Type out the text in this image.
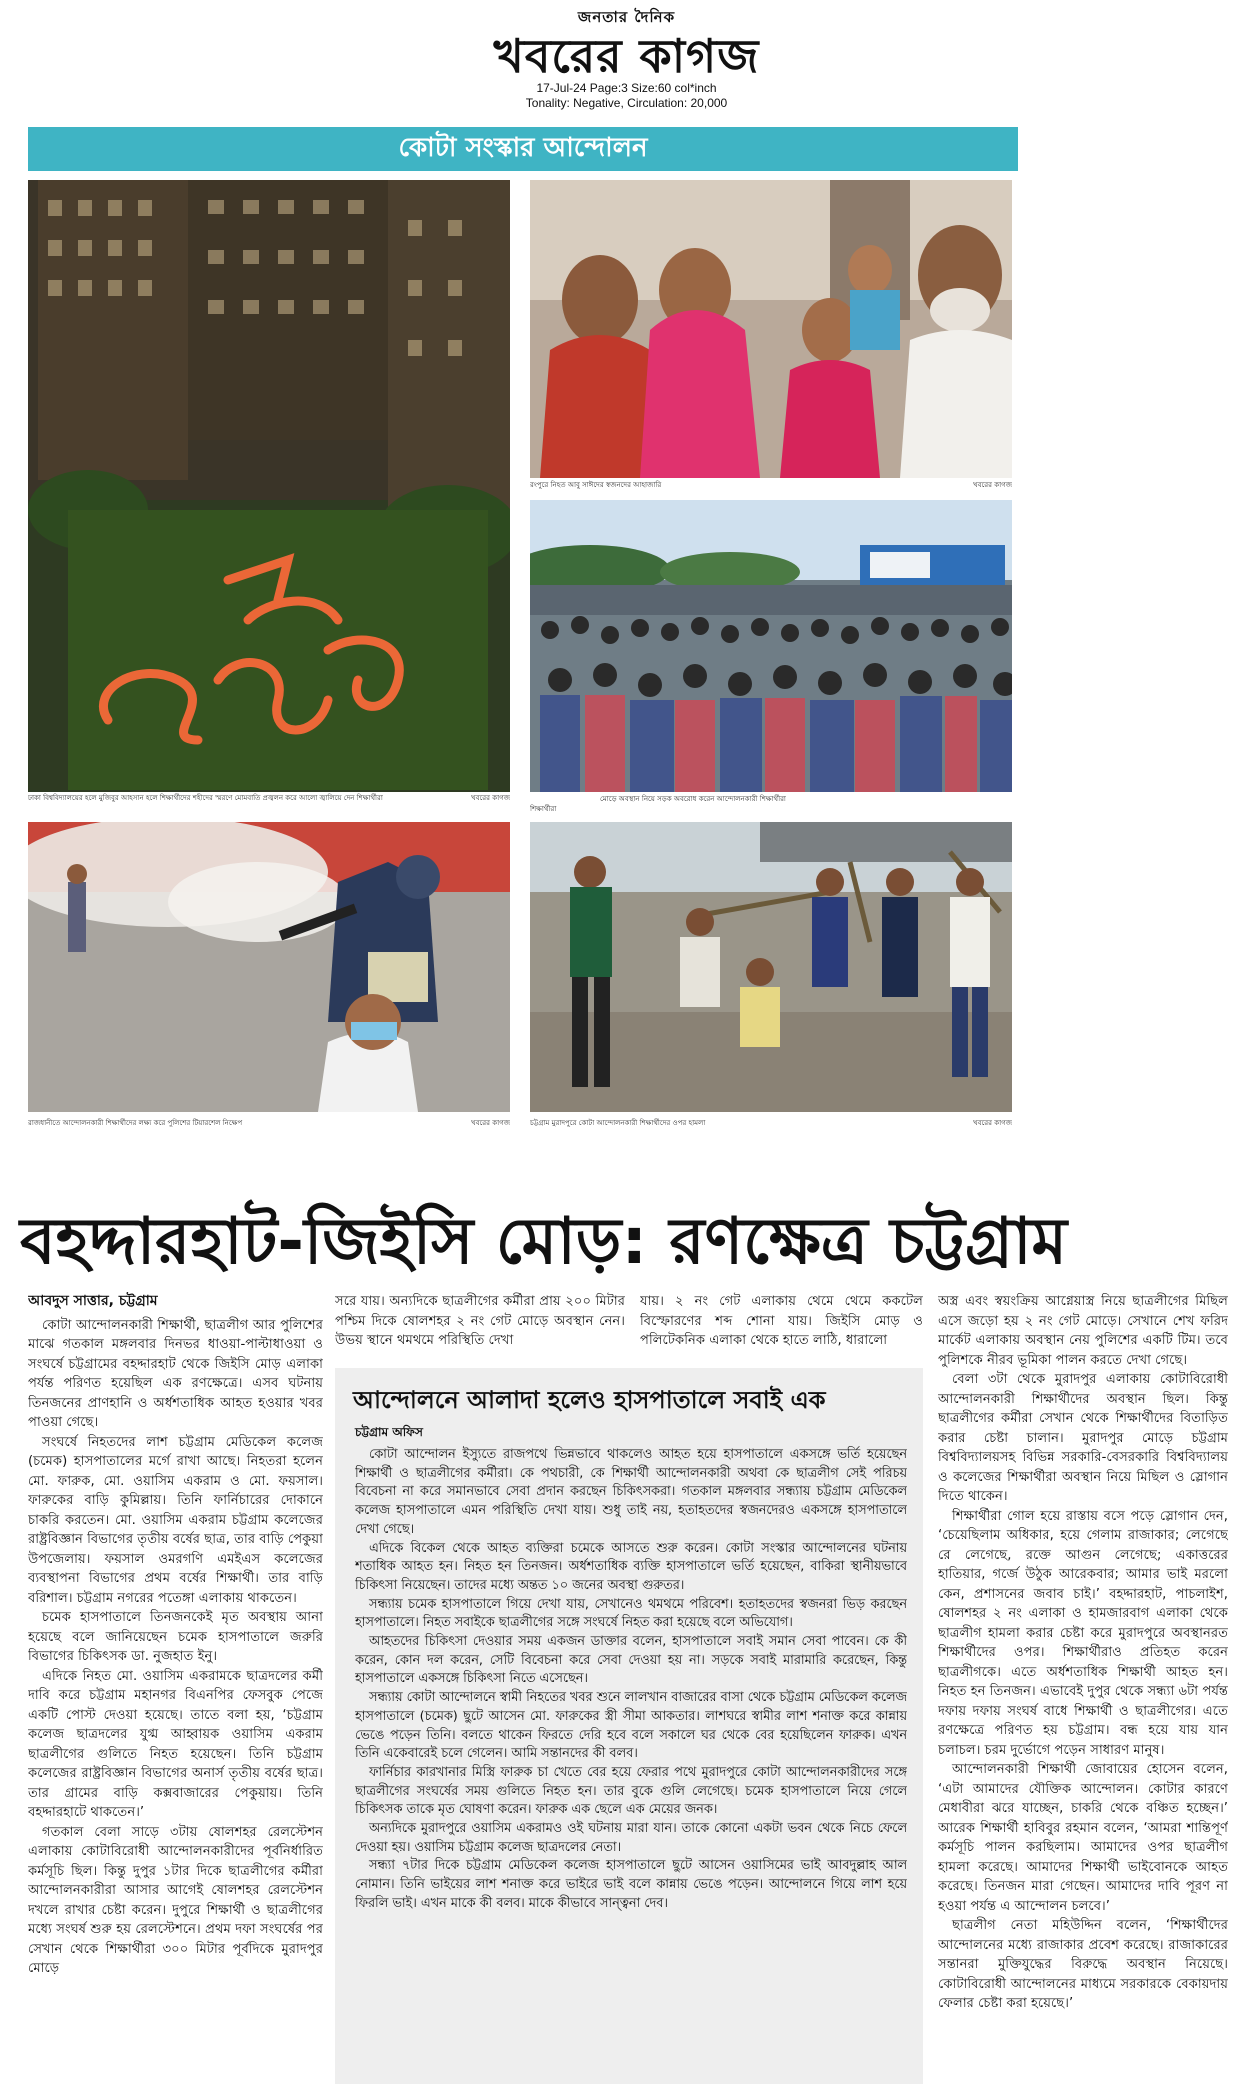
জনতার দৈনিক
খবরের কাগজ
17-Jul-24 Page:3 Size:60 col*inch
Tonality: Negative, Circulation: 20,000
কোটা সংস্কার আন্দোলন
ঢাকা বিশ্ববিদ্যালয়ের হলে মুজিবুর আহসান হলে শিক্ষার্থীদের শহীদের স্মরণে মোমবাতি প্রজ্বলন করে আলো জ্বালিয়ে দেন শিক্ষার্থীরা	খবরের কাগজ
রংপুরে নিহত আবু সাঈদের স্বজনদের আহাজারি	খবরের কাগজ
মোড়ে অবস্থান নিয়ে সড়ক অবরোধ করেন আন্দোলনকারী শিক্ষার্থীরা
শিক্ষার্থীরা
রাজধানীতে আন্দোলনকারী শিক্ষার্থীদের লক্ষ্য করে পুলিশের টিয়ারশেল নিক্ষেপ	খবরের কাগজ	চট্টগ্রাম মুরাদপুরে কোটা আন্দোলনকারী শিক্ষার্থীদের ওপর হামলা	খবরের কাগজ
বহদ্দারহাট-জিইসি মোড়: রণক্ষেত্র চট্টগ্রাম
আবদুস সাত্তার, চট্টগ্রাম

কোটা আন্দোলনকারী শিক্ষার্থী, ছাত্রলীগ আর পুলিশের মাঝে গতকাল মঙ্গলবার দিনভর ধাওয়া-পাল্টাধাওয়া ও সংঘর্ষে চট্টগ্রামের বহদ্দারহাট থেকে জিইসি মোড় এলাকা পর্যন্ত পরিণত হয়েছিল এক রণক্ষেত্রে। এসব ঘটনায় তিনজনের প্রাণহানি ও অর্ধশতাধিক আহত হওয়ার খবর পাওয়া গেছে।

সংঘর্ষে নিহতদের লাশ চট্টগ্রাম মেডিকেল কলেজ (চমেক) হাসপাতালের মর্গে রাখা আছে। নিহতরা হলেন মো. ফারুক, মো. ওয়াসিম একরাম ও মো. ফয়সাল। ফারুকের বাড়ি কুমিল্লায়। তিনি ফার্নিচারের দোকানে চাকরি করতেন। মো. ওয়াসিম একরাম চট্টগ্রাম কলেজের রাষ্ট্রবিজ্ঞান বিভাগের তৃতীয় বর্ষের ছাত্র, তার বাড়ি পেকুয়া উপজেলায়। ফয়সাল ওমরগণি এমইএস কলেজের ব্যবস্থাপনা বিভাগের প্রথম বর্ষের শিক্ষার্থী। তার বাড়ি বরিশাল। চট্টগ্রাম নগরের পতেঙ্গা এলাকায় থাকতেন।

চমেক হাসপাতালে তিনজনকেই মৃত অবস্থায় আনা হয়েছে বলে জানিয়েছেন চমেক হাসপাতালে জরুরি বিভাগের চিকিৎসক ডা. নুজহাত ইনু।

এদিকে নিহত মো. ওয়াসিম একরামকে ছাত্রদলের কর্মী দাবি করে চট্টগ্রাম মহানগর বিএনপির ফেসবুক পেজে একটি পোস্ট দেওয়া হয়েছে। তাতে বলা হয়, ‘চট্টগ্রাম কলেজ ছাত্রদলের যুগ্ম আহ্বায়ক ওয়াসিম একরাম ছাত্রলীগের গুলিতে নিহত হয়েছেন। তিনি চট্টগ্রাম কলেজের রাষ্ট্রবিজ্ঞান বিভাগের অনার্স তৃতীয় বর্ষের ছাত্র। তার গ্রামের বাড়ি কক্সবাজারের পেকুয়ায়। তিনি বহদ্দারহাটে থাকতেন।’

গতকাল বেলা সাড়ে ৩টায় ষোলশহর রেলস্টেশন এলাকায় কোটাবিরোধী আন্দোলনকারীদের পূর্বনির্ধারিত কর্মসূচি ছিল। কিন্তু দুপুর ১টার দিকে ছাত্রলীগের কর্মীরা আন্দোলনকারীরা আসার আগেই ষোলশহর রেলস্টেশন দখলে রাখার চেষ্টা করেন। দুপুরে শিক্ষার্থী ও ছাত্রলীগের মধ্যে সংঘর্ষ শুরু হয় রেলস্টেশনে। প্রথম দফা সংঘর্ষের পর সেখান থেকে শিক্ষার্থীরা ৩০০ মিটার পূর্বদিকে মুরাদপুর মোড়ে

সরে যায়। অন্যদিকে ছাত্রলীগের কর্মীরা প্রায় ২০০ মিটার পশ্চিম দিকে ষোলশহর ২ নং গেট মোড়ে অবস্থান নেন। উভয় স্থানে থমথমে পরিস্থিতি দেখা

যায়। ২ নং গেট এলাকায় থেমে থেমে ককটেল বিস্ফোরণের শব্দ শোনা যায়। জিইসি মোড় ও পলিটেকনিক এলাকা থেকে হাতে লাঠি, ধারালো

আন্দোলনে আলাদা হলেও হাসপাতালে সবাই এক
চট্টগ্রাম অফিস

কোটা আন্দোলন ইস্যুতে রাজপথে ভিন্নভাবে থাকলেও আহত হয়ে হাসপাতালে একসঙ্গে ভর্তি হয়েছেন শিক্ষার্থী ও ছাত্রলীগের কর্মীরা। কে পথচারী, কে শিক্ষার্থী আন্দোলনকারী অথবা কে ছাত্রলীগ সেই পরিচয় বিবেচনা না করে সমানভাবে সেবা প্রদান করছেন চিকিৎসকরা। গতকাল মঙ্গলবার সন্ধ্যায় চট্টগ্রাম মেডিকেল কলেজ হাসপাতালে এমন পরিস্থিতি দেখা যায়। শুধু তাই নয়, হতাহতদের স্বজনদেরও একসঙ্গে হাসপাতালে দেখা গেছে।

এদিকে বিকেল থেকে আহত ব্যক্তিরা চমেকে আসতে শুরু করেন। কোটা সংস্কার আন্দোলনের ঘটনায় শতাধিক আহত হন। নিহত হন তিনজন। অর্ধশতাধিক ব্যক্তি হাসপাতালে ভর্তি হয়েছেন, বাকিরা স্থানীয়ভাবে চিকিৎসা নিয়েছেন। তাদের মধ্যে অন্তত ১০ জনের অবস্থা গুরুতর।

সন্ধ্যায় চমেক হাসপাতালে গিয়ে দেখা যায়, সেখানেও থমথমে পরিবেশ। হতাহতদের স্বজনরা ভিড় করছেন হাসপাতালে। নিহত সবাইকে ছাত্রলীগের সঙ্গে সংঘর্ষে নিহত করা হয়েছে বলে অভিযোগ।

আহতদের চিকিৎসা দেওয়ার সময় একজন ডাক্তার বলেন, হাসপাতালে সবাই সমান সেবা পাবেন। কে কী করেন, কোন দল করেন, সেটি বিবেচনা করে সেবা দেওয়া হয় না। সড়কে সবাই মারামারি করেছেন, কিন্তু হাসপাতালে একসঙ্গে চিকিৎসা নিতে এসেছেন।

সন্ধ্যায় কোটা আন্দোলনে স্বামী নিহতের খবর শুনে লালখান বাজারের বাসা থেকে চট্টগ্রাম মেডিকেল কলেজ হাসপাতালে (চমেক) ছুটে আসেন মো. ফারুকের স্ত্রী সীমা আকতার। লাশঘরে স্বামীর লাশ শনাক্ত করে কান্নায় ভেঙে পড়েন তিনি। বলতে থাকেন ফিরতে দেরি হবে বলে সকালে ঘর থেকে বের হয়েছিলেন ফারুক। এখন তিনি একেবারেই চলে গেলেন। আমি সন্তানদের কী বলব।

ফার্নিচার কারখানার মিস্ত্রি ফারুক চা খেতে বের হয়ে ফেরার পথে মুরাদপুরে কোটা আন্দোলনকারীদের সঙ্গে ছাত্রলীগের সংঘর্ষের সময় গুলিতে নিহত হন। তার বুকে গুলি লেগেছে। চমেক হাসপাতালে নিয়ে গেলে চিকিৎসক তাকে মৃত ঘোষণা করেন। ফারুক এক ছেলে এক মেয়ের জনক।

অন্যদিকে মুরাদপুরে ওয়াসিম একরামও ওই ঘটনায় মারা যান। তাকে কোনো একটা ভবন থেকে নিচে ফেলে দেওয়া হয়। ওয়াসিম চট্টগ্রাম কলেজ ছাত্রদলের নেতা।

সন্ধ্যা ৭টার দিকে চট্টগ্রাম মেডিকেল কলেজ হাসপাতালে ছুটে আসেন ওয়াসিমের ভাই আবদুল্লাহ আল নোমান। তিনি ভাইয়ের লাশ শনাক্ত করে ভাইরে ভাই বলে কান্নায় ভেঙে পড়েন। আন্দোলনে গিয়ে লাশ হয়ে ফিরলি ভাই। এখন মাকে কী বলব। মাকে কীভাবে সান্ত্বনা দেব।

অস্ত্র এবং স্বয়ংক্রিয় আগ্নেয়াস্ত্র নিয়ে ছাত্রলীগের মিছিল এসে জড়ো হয় ২ নং গেট মোড়ে। সেখানে শেখ ফরিদ মার্কেট এলাকায় অবস্থান নেয় পুলিশের একটি টিম। তবে পুলিশকে নীরব ভূমিকা পালন করতে দেখা গেছে।

বেলা ৩টা থেকে মুরাদপুর এলাকায় কোটাবিরোধী আন্দোলনকারী শিক্ষার্থীদের অবস্থান ছিল। কিন্তু ছাত্রলীগের কর্মীরা সেখান থেকে শিক্ষার্থীদের বিতাড়িত করার চেষ্টা চালান। মুরাদপুর মোড়ে চট্টগ্রাম বিশ্ববিদ্যালয়সহ বিভিন্ন সরকারি-বেসরকারি বিশ্ববিদ্যালয় ও কলেজের শিক্ষার্থীরা অবস্থান নিয়ে মিছিল ও স্লোগান দিতে থাকেন।

শিক্ষার্থীরা গোল হয়ে রাস্তায় বসে পড়ে স্লোগান দেন, ‘চেয়েছিলাম অধিকার, হয়ে গেলাম রাজাকার; লেগেছে রে লেগেছে, রক্তে আগুন লেগেছে; একাত্তরের হাতিয়ার, গর্জে উঠুক আরেকবার; আমার ভাই মরলো কেন, প্রশাসনের জবাব চাই।’ বহদ্দারহাট, পাচলাইশ, ষোলশহর ২ নং এলাকা ও হামজারবাগ এলাকা থেকে ছাত্রলীগ হামলা করার চেষ্টা করে মুরাদপুরে অবস্থানরত শিক্ষার্থীদের ওপর। শিক্ষার্থীরাও প্রতিহত করেন ছাত্রলীগকে। এতে অর্ধশতাধিক শিক্ষার্থী আহত হন। নিহত হন তিনজন। এভাবেই দুপুর থেকে সন্ধ্যা ৬টা পর্যন্ত দফায় দফায় সংঘর্ষ বাধে শিক্ষার্থী ও ছাত্রলীগের। এতে রণক্ষেত্রে পরিণত হয় চট্টগ্রাম। বন্ধ হয়ে যায় যান চলাচল। চরম দুর্ভোগে পড়েন সাধারণ মানুষ।

আন্দোলনকারী শিক্ষার্থী জোবায়ের হোসেন বলেন, ‘এটা আমাদের যৌক্তিক আন্দোলন। কোটার কারণে মেধাবীরা ঝরে যাচ্ছেন, চাকরি থেকে বঞ্চিত হচ্ছেন।’ আরেক শিক্ষার্থী হাবিবুর রহমান বলেন, ‘আমরা শান্তিপূর্ণ কর্মসূচি পালন করছিলাম। আমাদের ওপর ছাত্রলীগ হামলা করেছে। আমাদের শিক্ষার্থী ভাইবোনকে আহত করেছে। তিনজন মারা গেছেন। আমাদের দাবি পূরণ না হওয়া পর্যন্ত এ আন্দোলন চলবে।’

ছাত্রলীগ নেতা মহিউদ্দিন বলেন, ‘শিক্ষার্থীদের আন্দোলনের মধ্যে রাজাকার প্রবেশ করেছে। রাজাকারের সন্তানরা মুক্তিযুদ্ধের বিরুদ্ধে অবস্থান নিয়েছে। কোটাবিরোধী আন্দোলনের মাধ্যমে সরকারকে বেকায়দায় ফেলার চেষ্টা করা হয়েছে।’
